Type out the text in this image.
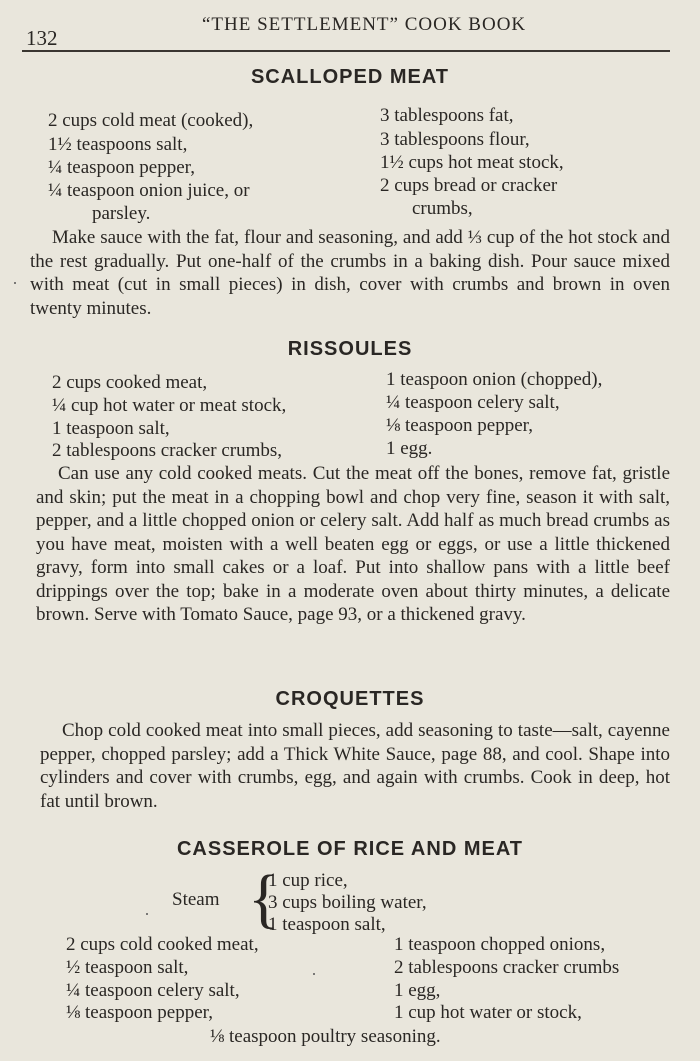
132
“THE SETTLEMENT” COOK BOOK
SCALLOPED MEAT
2 cups cold meat (cooked),
1½ teaspoons salt,
¼ teaspoon pepper,
¼ teaspoon onion juice, or
parsley.
3 tablespoons fat,
3 tablespoons flour,
1½ cups hot meat stock,
2 cups bread or cracker
crumbs,

Make sauce with the fat, flour and seasoning, and add ⅓ cup of the hot stock and the rest gradually. Put one-half of the crumbs in a baking dish. Pour sauce mixed with meat (cut in small pieces) in dish, cover with crumbs and brown in oven twenty minutes.

RISSOULES
2 cups cooked meat,
¼ cup hot water or meat stock,
1 teaspoon salt,
2 tablespoons cracker crumbs,
1 teaspoon onion (chopped),
¼ teaspoon celery salt,
⅛ teaspoon pepper,
1 egg.

Can use any cold cooked meats. Cut the meat off the bones, remove fat, gristle and skin; put the meat in a chopping bowl and chop very fine, season it with salt, pepper, and a little chopped onion or celery salt. Add half as much bread crumbs as you have meat, moisten with a well beaten egg or eggs, or use a little thickened gravy, form into small cakes or a loaf. Put into shallow pans with a little beef drippings over the top; bake in a moderate oven about thirty minutes, a delicate brown. Serve with Tomato Sauce, page 93, or a thickened gravy.

CROQUETTES

Chop cold cooked meat into small pieces, add seasoning to taste—salt, cayenne pepper, chopped parsley; add a Thick White Sauce, page 88, and cool. Shape into cylinders and cover with crumbs, egg, and again with crumbs. Cook in deep, hot fat until brown.

CASSEROLE OF RICE AND MEAT
Steam {
1 cup rice,
3 cups boiling water,
1 teaspoon salt,
2 cups cold cooked meat,
½ teaspoon salt,
¼ teaspoon celery salt,
⅛ teaspoon pepper,
1 teaspoon chopped onions,
2 tablespoons cracker crumbs
1 egg,
1 cup hot water or stock,
⅛ teaspoon poultry seasoning.
